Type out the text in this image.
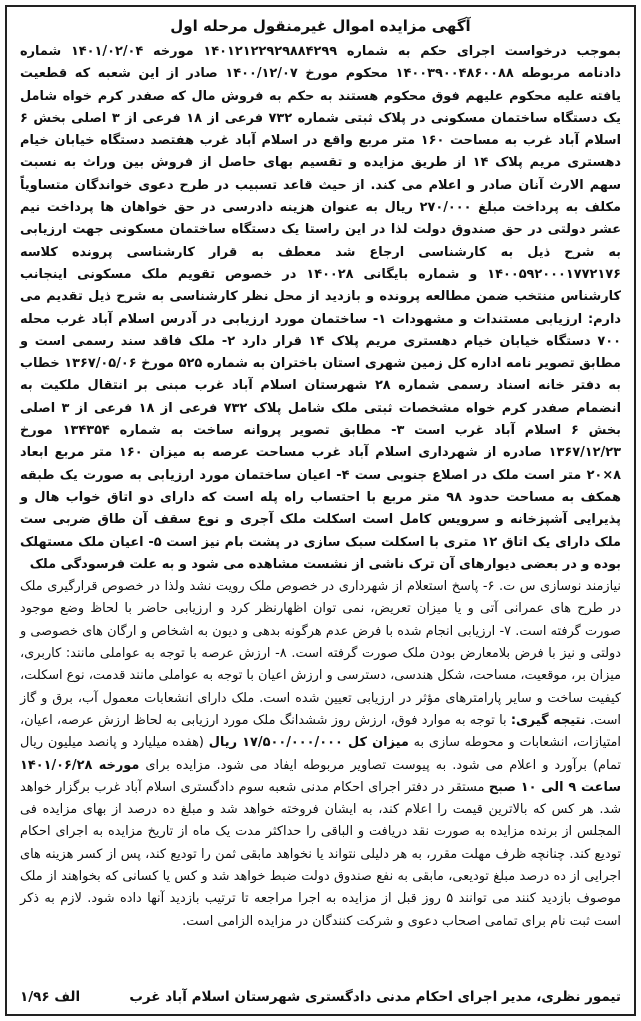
آگهی مزایده اموال غیرمنقول مرحله اول

بموجب درخواست اجرای حکم به شماره ۱۴۰۱۲۱۲۲۹۲۹۸۸۴۲۹۹ مورخه ۱۴۰۱/۰۲/۰۴ شماره دادنامه مربوطه ۱۴۰۰۳۹۰۰۴۸۶۰۰۸۸ محکوم مورخ ۱۴۰۰/۱۲/۰۷ صادر از این شعبه که قطعیت یافته علیه محکوم علیهم فوق محکوم هستند به حکم به فروش مال که صفدر کرم خواه شامل یک دستگاه ساختمان مسکونی در پلاک ثبتی شماره ۷۳۲ فرعی از ۱۸ فرعی از ۳ اصلی بخش ۶ اسلام آباد غرب به مساحت ۱۶۰ متر مربع واقع در اسلام آباد غرب هفتصد دستگاه خیابان خیام دهستری مریم پلاک ۱۴ از طریق مزایده و تقسیم بهای حاصل از فروش بین وراث به نسبت سهم الارث آنان صادر و اعلام می کند. از حیث قاعد تسبیب در طرح دعوی خواندگان متساویاً مکلف به پرداخت مبلغ ۲۷۰/۰۰۰ ریال به عنوان هزینه دادرسی در حق خواهان ها پرداخت نیم عشر دولتی در حق صندوق دولت لذا در این راستا یک دستگاه ساختمان مسکونی جهت ارزیابی به شرح ذیل به کارشناسی ارجاع شد معطف به قرار کارشناسی پرونده کلاسه ۱۴۰۰۵۹۲۰۰۰۱۷۷۲۱۷۶ و شماره بایگانی ۱۴۰۰۲۸ در خصوص تقویم ملک مسکونی اینجانب کارشناس منتخب ضمن مطالعه پرونده و بازدید از محل نظر کارشناسی به شرح ذیل تقدیم می دارم: ارزیابی مستندات و مشهودات ۱- ساختمان مورد ارزیابی در آدرس اسلام آباد غرب محله ۷۰۰ دستگاه خیابان خیام دهستری مریم پلاک ۱۴ قرار دارد ۲- ملک فاقد سند رسمی است و مطابق تصویر نامه اداره کل زمین شهری استان باختران به شماره ۵۲۵ مورخ ۱۳۶۷/۰۵/۰۶ خطاب به دفتر خانه اسناد رسمی شماره ۲۸ شهرستان اسلام آباد غرب مبنی بر انتقال ملکیت به انضمام صفدر کرم خواه مشخصات ثبتی ملک شامل پلاک ۷۳۲ فرعی از ۱۸ فرعی از ۳ اصلی بخش ۶ اسلام آباد غرب است ۳- مطابق تصویر پروانه ساخت به شماره ۱۳۴۳۵۴ مورخ ۱۳۶۷/۱۲/۲۳ صادره از شهرداری اسلام آباد غرب مساحت عرصه به میزان ۱۶۰ متر مربع ابعاد ۸×۲۰ متر است ملک در اصلاع جنوبی ست ۴- اعیان ساختمان مورد ارزیابی به صورت یک طبقه همکف به مساحت حدود ۹۸ متر مربع با احتساب راه پله است که دارای دو اتاق خواب هال و پذیرایی آشپزخانه و سرویس کامل است اسکلت ملک آجری و نوع سقف آن طاق ضربی ست ملک دارای یک اتاق ۱۲ متری با اسکلت سبک سازی در پشت بام نیز است ۵- اعیان ملک مستهلک بوده و در بعضی دیوارهای آن ترک ناشی از نشست مشاهده می شود و به علت فرسودگی ملک

نیازمند نوسازی س ت. ۶- پاسخ استعلام از شهرداری در خصوص ملک رویت نشد ولذا در خصوص قرارگیری ملک در طرح های عمرانی آتی و یا میزان تعریض، نمی توان اظهارنظر کرد و ارزیابی حاضر با لحاظ وضع موجود صورت گرفته است. ۷- ارزیابی انجام شده با فرض عدم هرگونه بدهی و دیون به اشخاص و ارگان های خصوصی و دولتی و نیز با فرض بلامعارض بودن ملک صورت گرفته است. ۸- ارزش عرصه با توجه به عواملی مانند: کاربری، میزان بر، موقعیت، مساحت، شکل هندسی، دسترسی و ارزش اعیان با توجه به عواملی مانند قدمت، نوع اسکلت، کیفیت ساخت و سایر پارامترهای مؤثر در ارزیابی تعیین شده است. ملک دارای انشعابات معمول آب، برق و گاز است. نتیجه گیری: با توجه به موارد فوق، ارزش روز ششدانگ ملک مورد ارزیابی به لحاظ ارزش عرصه، اعیان، امتیازات، انشعابات و محوطه سازی به میزان کل ۱۷/۵۰۰/۰۰۰/۰۰۰ ریال (هفده میلیارد و پانصد میلیون ریال تمام) برآورد و اعلام می شود. به پیوست تصاویر مربوطه ایفاد می شود. مزایده برای مورخه ۱۴۰۱/۰۶/۲۸ ساعت ۹ الی ۱۰ صبح مستقر در دفتر اجرای احکام مدنی شعبه سوم دادگستری اسلام آباد غرب برگزار خواهد شد. هر کس که بالاترین قیمت را اعلام کند، به ایشان فروخته خواهد شد و مبلغ ده درصد از بهای مزایده فی المجلس از برنده مزایده به صورت نقد دریافت و الباقی را حداکثر مدت یک ماه از تاریخ مزایده به اجرای احکام تودیع کند. چنانچه ظرف مهلت مقرر، به هر دلیلی نتواند یا نخواهد مابقی ثمن را تودیع کند، پس از کسر هزینه های اجرایی از ده درصد مبلغ تودیعی، مابقی به نفع صندوق دولت ضبط خواهد شد و کس یا کسانی که بخواهند از ملک موصوف بازدید کنند می توانند ۵ روز قبل از مزایده به اجرا مراجعه تا ترتیب بازدید آنها داده شود. لازم به ذکر است ثبت نام برای تمامی اصحاب دعوی و شرکت کنندگان در مزایده الزامی است.

تیمور نظری، مدیر اجرای احکام مدنی دادگستری شهرستان اسلام آباد غرب
۱/۹۶ الف
